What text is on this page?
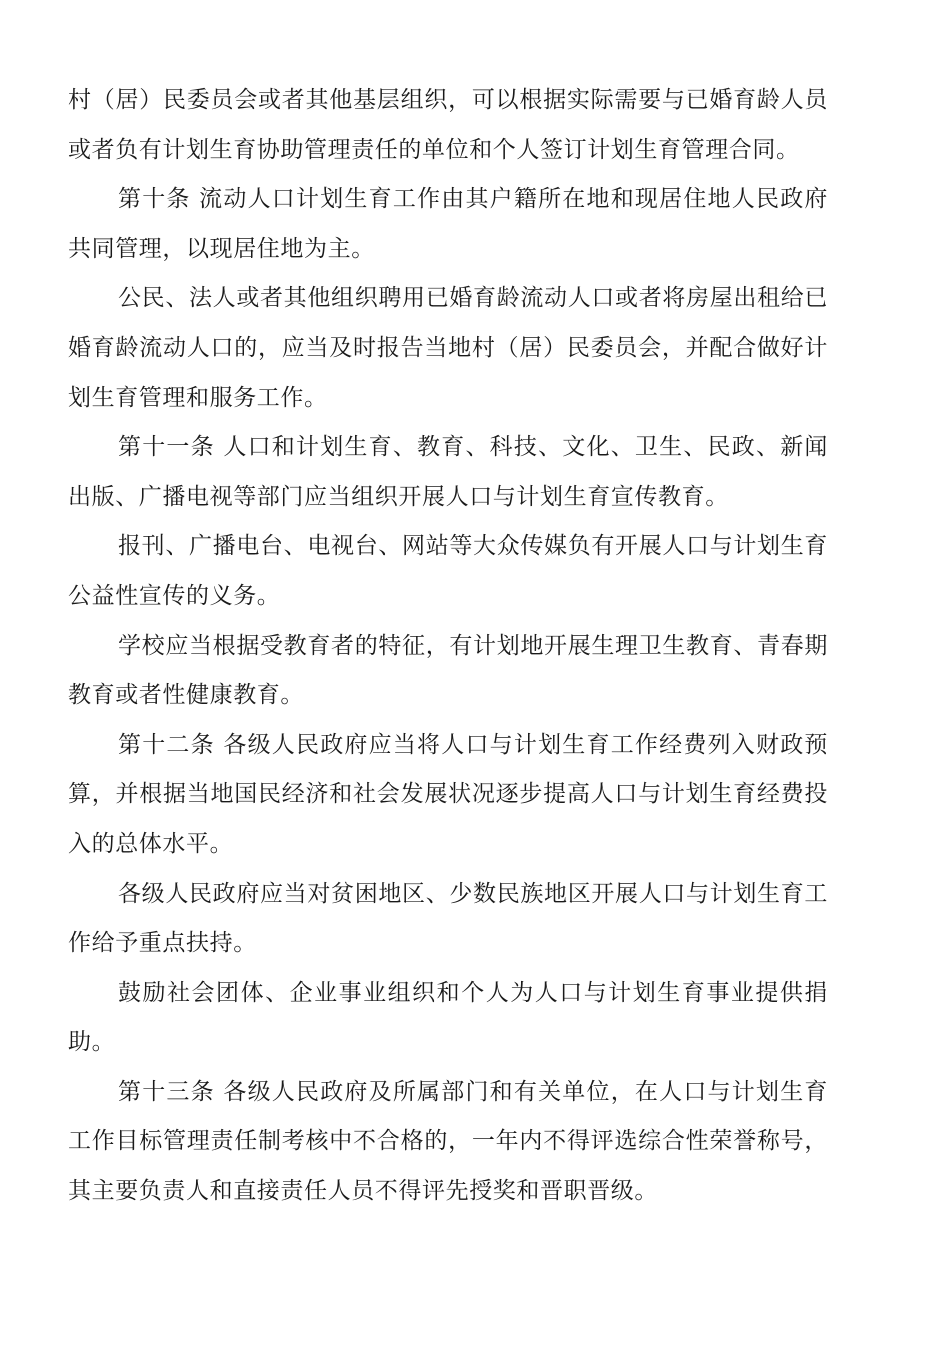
村（居）民委员会或者其他基层组织，可以根据实际需要与已婚育龄人员或者负有计划生育协助管理责任的单位和个人签订计划生育管理合同。

第十条 流动人口计划生育工作由其户籍所在地和现居住地人民政府共同管理，以现居住地为主。

公民、法人或者其他组织聘用已婚育龄流动人口或者将房屋出租给已婚育龄流动人口的，应当及时报告当地村（居）民委员会，并配合做好计划生育管理和服务工作。

第十一条 人口和计划生育、教育、科技、文化、卫生、民政、新闻出版、广播电视等部门应当组织开展人口与计划生育宣传教育。

报刊、广播电台、电视台、网站等大众传媒负有开展人口与计划生育公益性宣传的义务。

学校应当根据受教育者的特征，有计划地开展生理卫生教育、青春期教育或者性健康教育。

第十二条 各级人民政府应当将人口与计划生育工作经费列入财政预算，并根据当地国民经济和社会发展状况逐步提高人口与计划生育经费投入的总体水平。

各级人民政府应当对贫困地区、少数民族地区开展人口与计划生育工作给予重点扶持。

鼓励社会团体、企业事业组织和个人为人口与计划生育事业提供捐助。

第十三条 各级人民政府及所属部门和有关单位，在人口与计划生育工作目标管理责任制考核中不合格的，一年内不得评选综合性荣誉称号，其主要负责人和直接责任人员不得评先授奖和晋职晋级。
